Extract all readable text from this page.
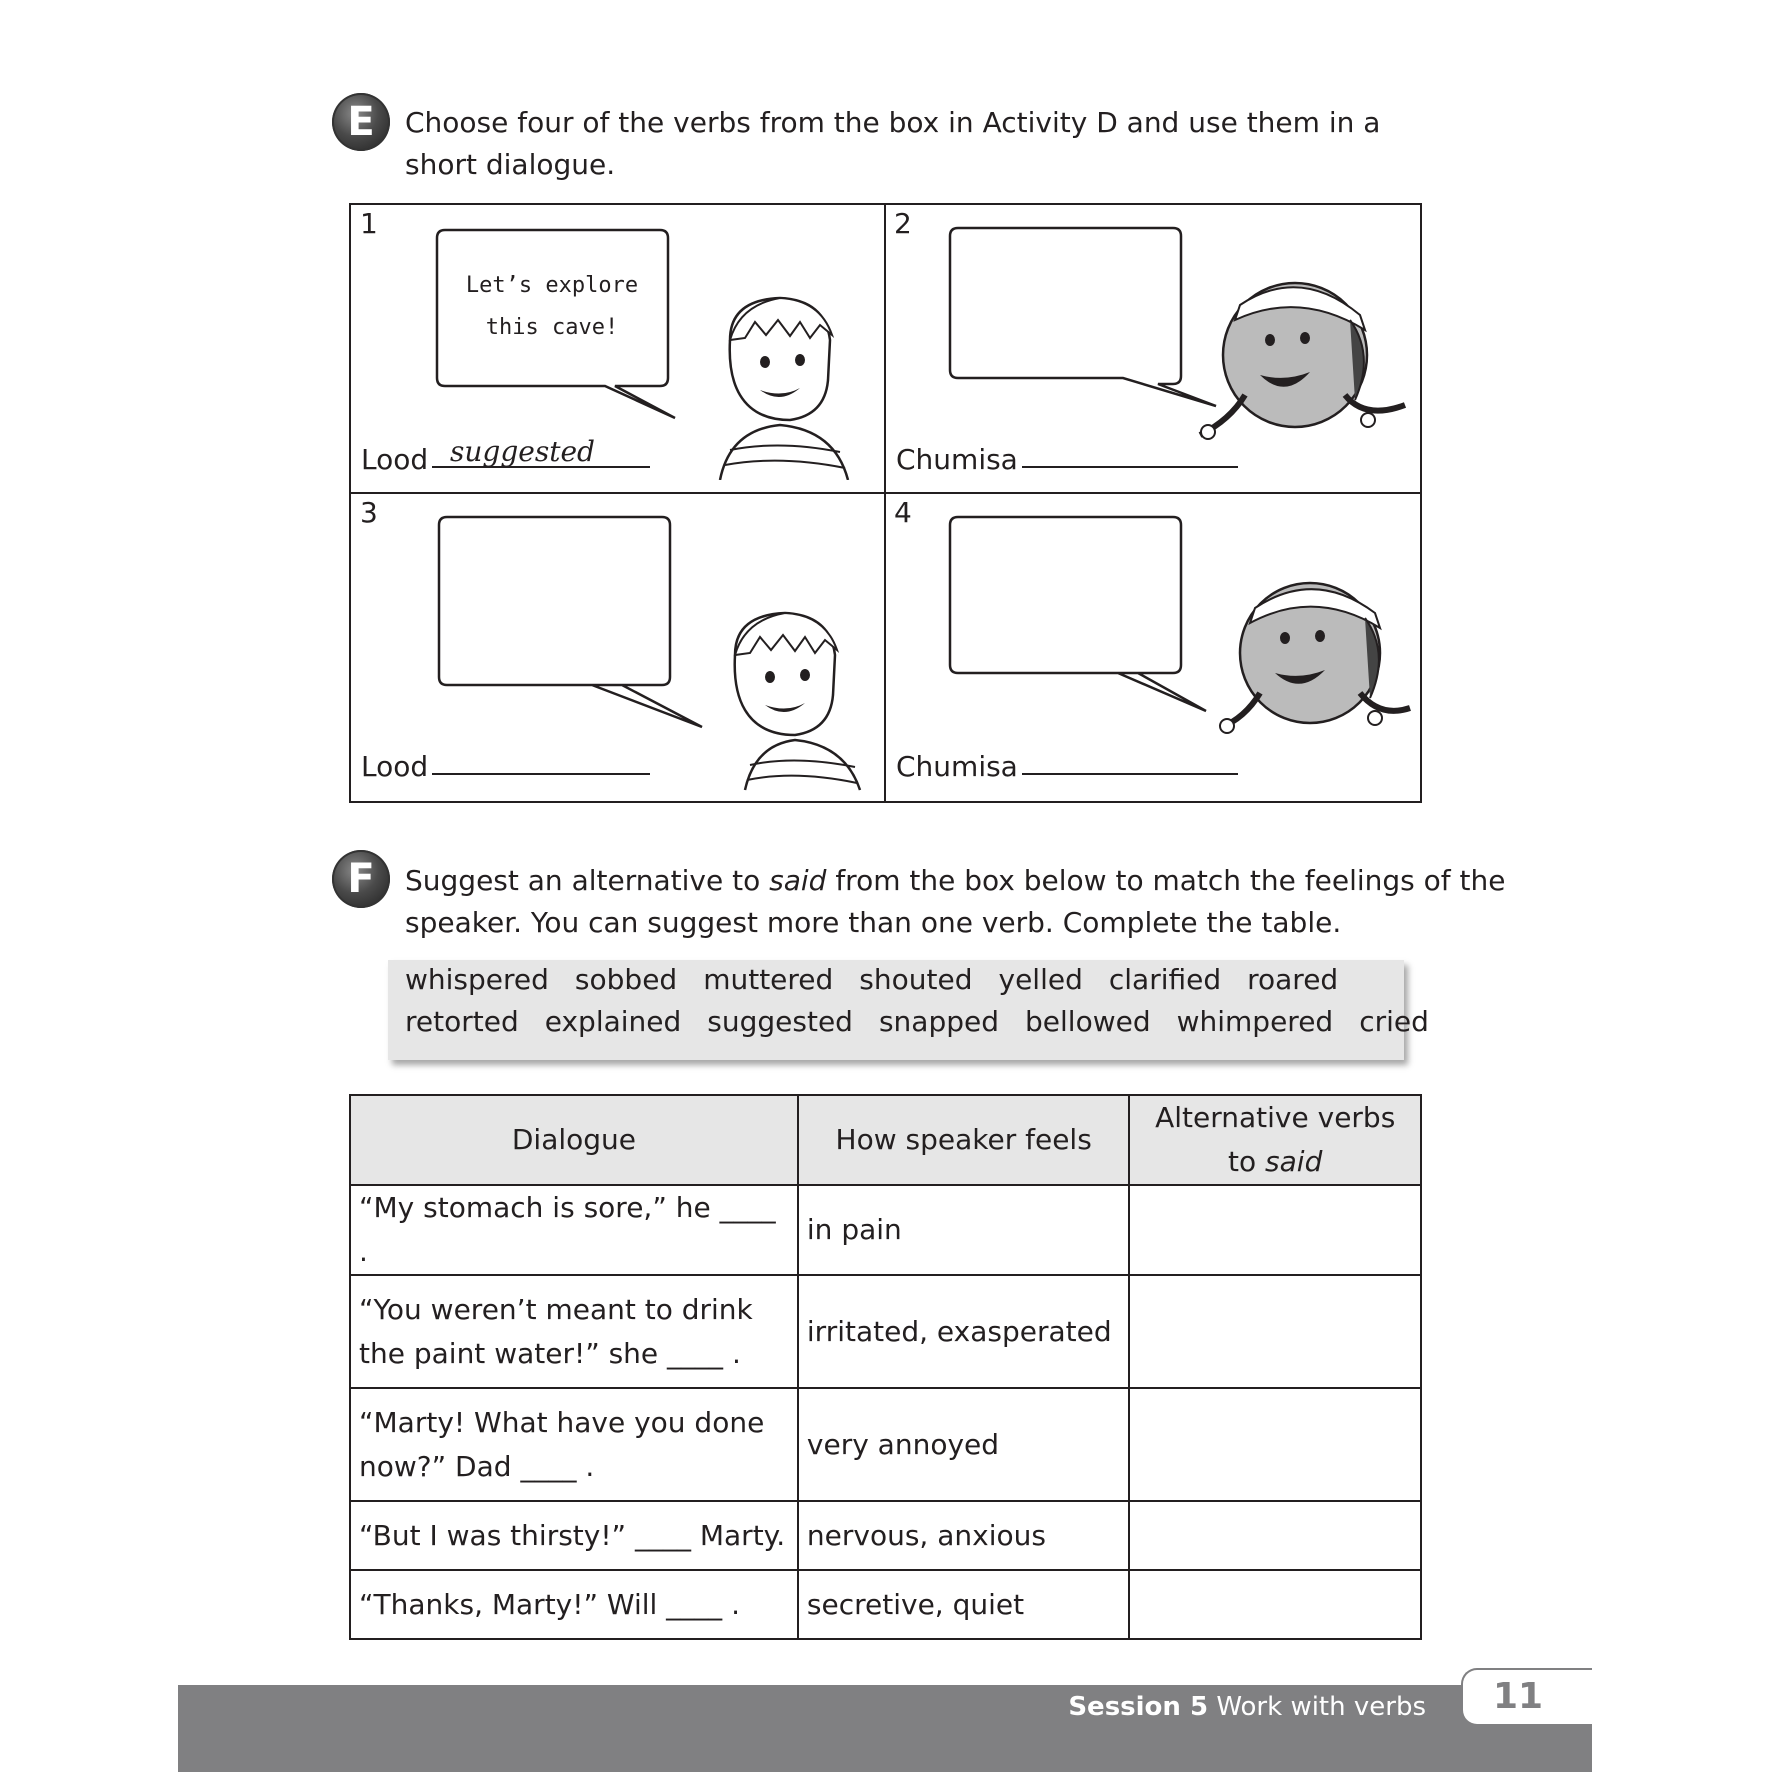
E	Choose four of the verbs from the box in Activity D and use them in a
short dialogue.
1
Let’s explore
this cave!
Lood suggested
2
Chumisa
3
Lood
4
Chumisa
F	Suggest an alternative to said from the box below to match the feelings of the
speaker. You can suggest more than one verb. Complete the table.
whispered sobbed muttered shouted yelled clarified roared
retorted explained suggested snapped bellowed whimpered cried
Dialogue	How speaker feels	Alternative verbs
to said

“My stomach is sore,” he ____ .	in pain	

“You weren’t meant to drink
the paint water!” she ____ .	irritated, exasperated	

“Marty! What have you done
now?” Dad ____ .	very annoyed	

“But I was thirsty!” ____ Marty.	nervous, anxious	

“Thanks, Marty!” Will ____ .	secretive, quiet	
Session 5 Work with verbs	11
